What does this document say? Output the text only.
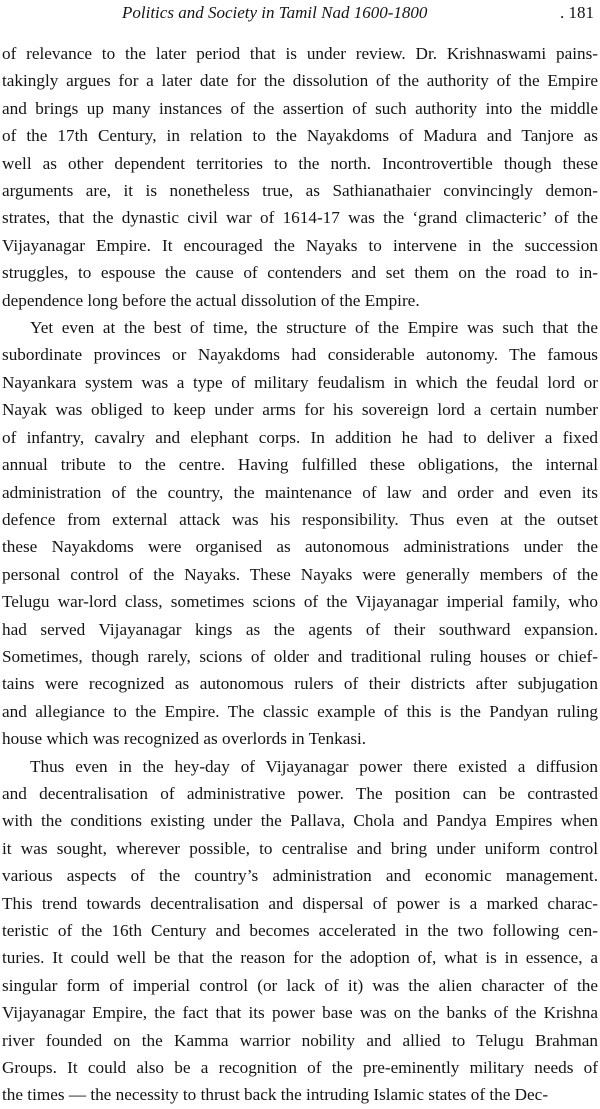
Politics and Society in Tamil Nad 1600-1800	. 181

of relevance to the later period that is under review. Dr. Krishnaswami pains-
takingly argues for a later date for the dissolution of the authority of the Empire
and brings up many instances of the assertion of such authority into the middle
of the 17th Century, in relation to the Nayakdoms of Madura and Tanjore as
well as other dependent territories to the north. Incontrovertible though these
arguments are, it is nonetheless true, as Sathianathaier convincingly demon-
strates, that the dynastic civil war of 1614-17 was the ‘grand climacteric’ of the
Vijayanagar Empire. It encouraged the Nayaks to intervene in the succession
struggles, to espouse the cause of contenders and set them on the road to in-
dependence long before the actual dissolution of the Empire.

Yet even at the best of time, the structure of the Empire was such that the
subordinate provinces or Nayakdoms had considerable autonomy. The famous
Nayankara system was a type of military feudalism in which the feudal lord or
Nayak was obliged to keep under arms for his sovereign lord a certain number
of infantry, cavalry and elephant corps. In addition he had to deliver a fixed
annual tribute to the centre. Having fulfilled these obligations, the internal
administration of the country, the maintenance of law and order and even its
defence from external attack was his responsibility. Thus even at the outset
these Nayakdoms were organised as autonomous administrations under the
personal control of the Nayaks. These Nayaks were generally members of the
Telugu war-lord class, sometimes scions of the Vijayanagar imperial family, who
had served Vijayanagar kings as the agents of their southward expansion.
Sometimes, though rarely, scions of older and traditional ruling houses or chief-
tains were recognized as autonomous rulers of their districts after subjugation
and allegiance to the Empire. The classic example of this is the Pandyan ruling
house which was recognized as overlords in Tenkasi.

Thus even in the hey-day of Vijayanagar power there existed a diffusion
and decentralisation of administrative power. The position can be contrasted
with the conditions existing under the Pallava, Chola and Pandya Empires when
it was sought, wherever possible, to centralise and bring under uniform control
various aspects of the country’s administration and economic management.
This trend towards decentralisation and dispersal of power is a marked charac-
teristic of the 16th Century and becomes accelerated in the two following cen-
turies. It could well be that the reason for the adoption of, what is in essence, a
singular form of imperial control (or lack of it) was the alien character of the
Vijayanagar Empire, the fact that its power base was on the banks of the Krishna
river founded on the Kamma warrior nobility and allied to Telugu Brahman
Groups. It could also be a recognition of the pre-eminently military needs of
the times — the necessity to thrust back the intruding Islamic states of the Dec-
